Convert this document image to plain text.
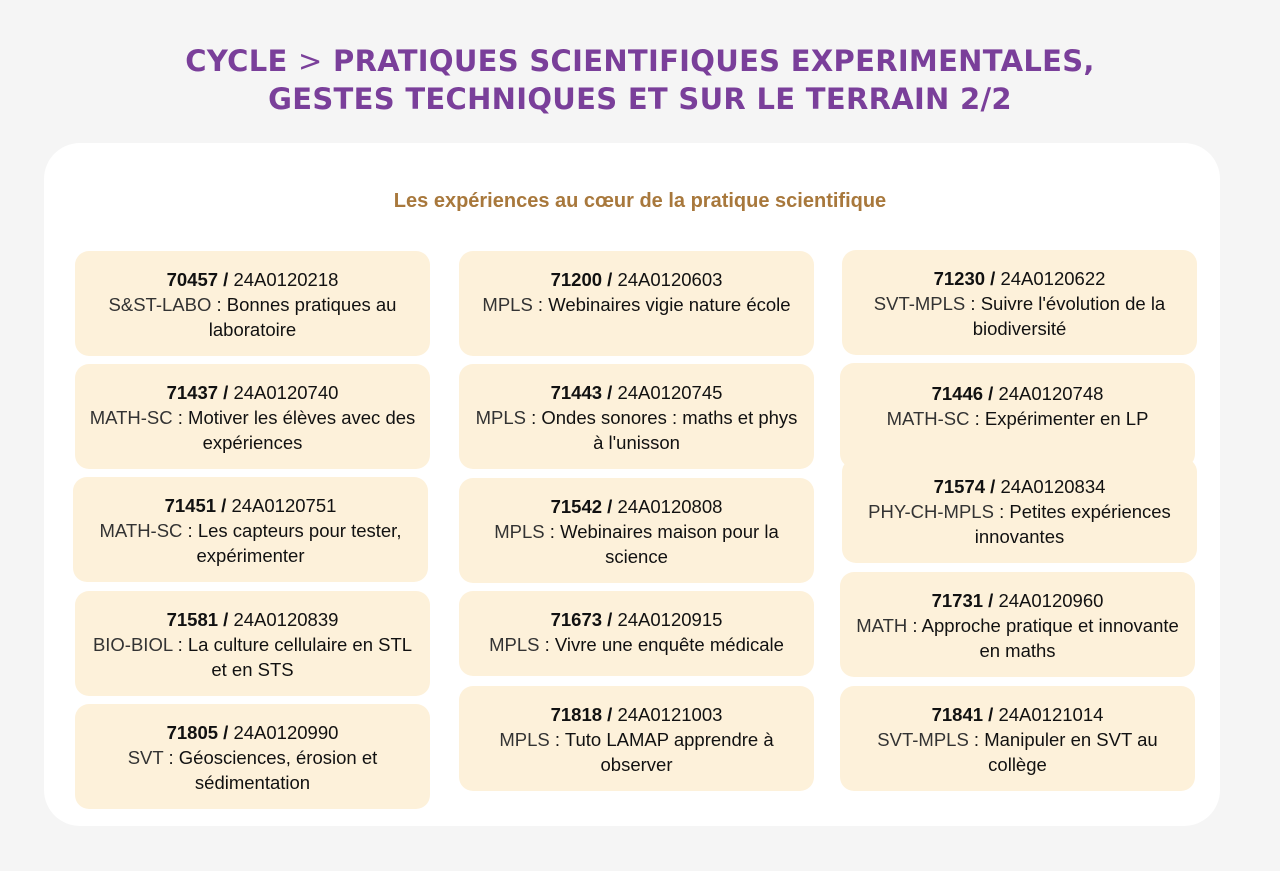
CYCLE > PRATIQUES SCIENTIFIQUES EXPERIMENTALES,
GESTES TECHNIQUES ET SUR LE TERRAIN 2/2
Les expériences au cœur de la pratique scientifique
70457 / 24A0120218
S&ST-LABO : Bonnes pratiques au laboratoire
71200 / 24A0120603
MPLS : Webinaires vigie nature école
71230 / 24A0120622
SVT-MPLS : Suivre l'évolution de la biodiversité
71437 / 24A0120740
MATH-SC : Motiver les élèves avec des expériences
71443 / 24A0120745
MPLS : Ondes sonores : maths et phys à l'unisson
71446 / 24A0120748
MATH-SC : Expérimenter en LP
71451 / 24A0120751
MATH-SC : Les capteurs pour tester, expérimenter
71542 / 24A0120808
MPLS : Webinaires maison pour la science
71574 / 24A0120834
PHY-CH-MPLS : Petites expériences innovantes
71581 / 24A0120839
BIO-BIOL : La culture cellulaire en STL et en STS
71673 / 24A0120915
MPLS : Vivre une enquête médicale
71731 / 24A0120960
MATH : Approche pratique et innovante en maths
71805 / 24A0120990
SVT : Géosciences, érosion et sédimentation
71818 / 24A0121003
MPLS : Tuto LAMAP apprendre à observer
71841 / 24A0121014
SVT-MPLS : Manipuler en SVT au collège
